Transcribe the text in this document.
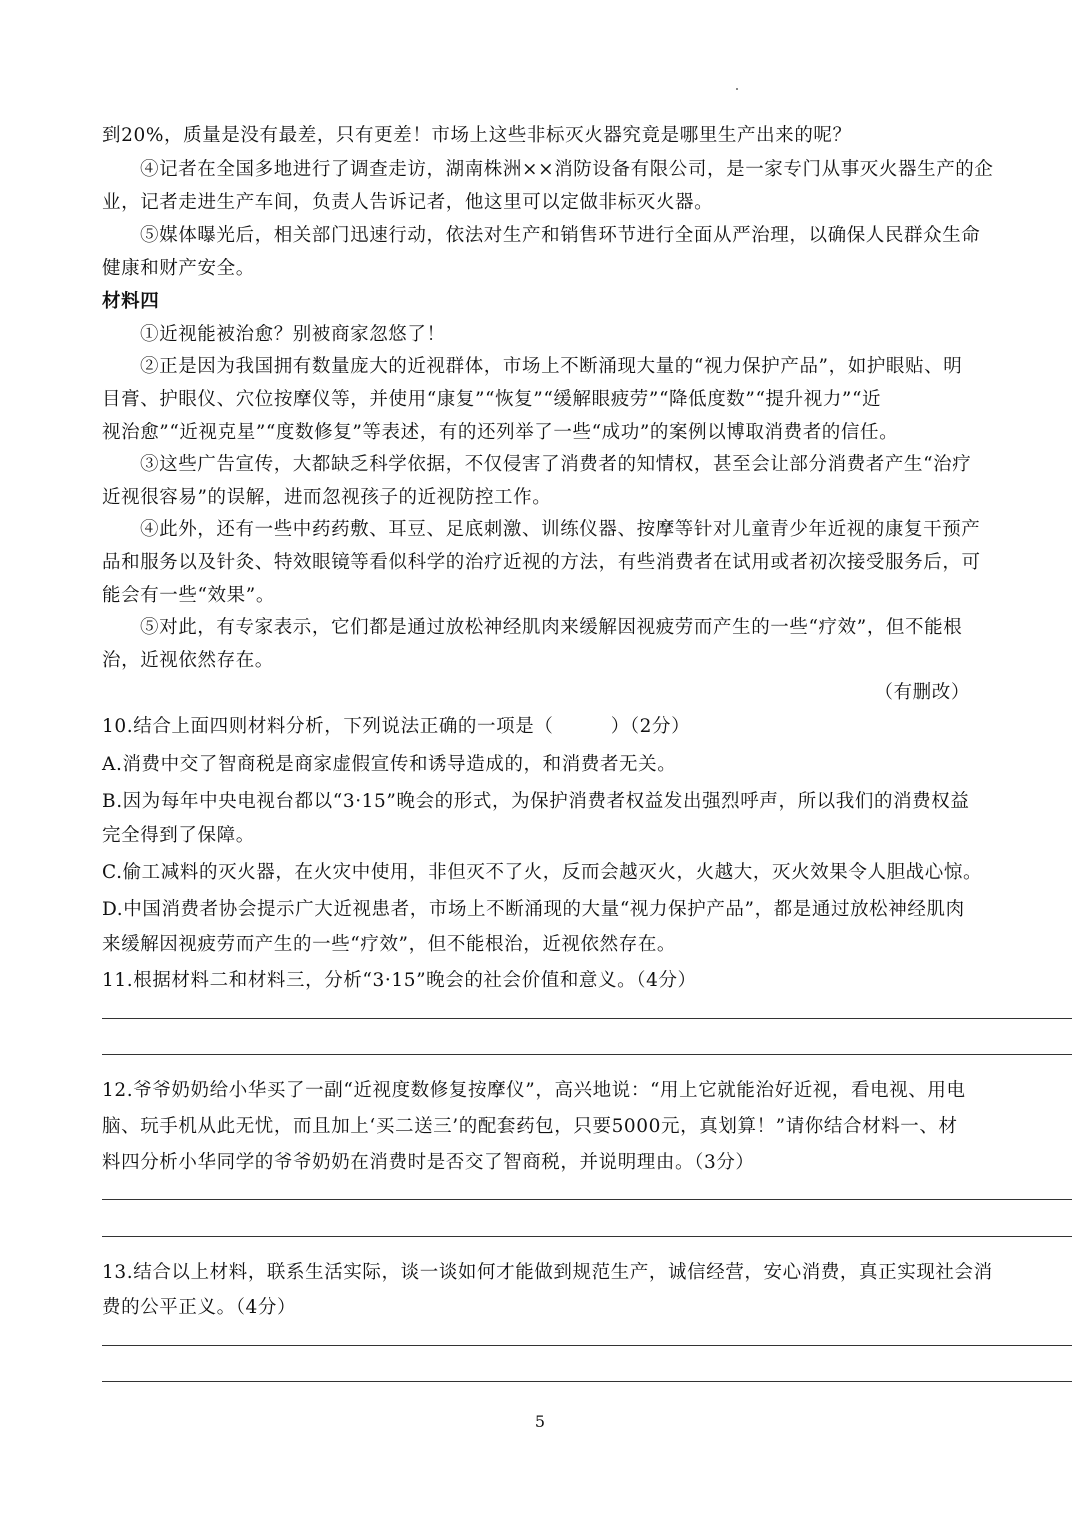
到20%，质量是没有最差，只有更差！市场上这些非标灭火器究竟是哪里生产出来的呢？
④记者在全国多地进行了调查走访，湖南株洲××消防设备有限公司，是一家专门从事灭火器生产的企
业，记者走进生产车间，负责人告诉记者，他这里可以定做非标灭火器。
⑤媒体曝光后，相关部门迅速行动，依法对生产和销售环节进行全面从严治理，以确保人民群众生命
健康和财产安全。
材料四
①近视能被治愈？别被商家忽悠了！
②正是因为我国拥有数量庞大的近视群体，市场上不断涌现大量的“视力保护产品”，如护眼贴、明
目膏、护眼仪、穴位按摩仪等，并使用“康复”“恢复”“缓解眼疲劳”“降低度数”“提升视力”“近
视治愈”“近视克星”“度数修复”等表述，有的还列举了一些“成功”的案例以博取消费者的信任。
③这些广告宣传，大都缺乏科学依据，不仅侵害了消费者的知情权，甚至会让部分消费者产生“治疗
近视很容易”的误解，进而忽视孩子的近视防控工作。
④此外，还有一些中药药敷、耳豆、足底刺激、训练仪器、按摩等针对儿童青少年近视的康复干预产
品和服务以及针灸、特效眼镜等看似科学的治疗近视的方法，有些消费者在试用或者初次接受服务后，可
能会有一些“效果”。
⑤对此，有专家表示，它们都是通过放松神经肌肉来缓解因视疲劳而产生的一些“疗效”，但不能根
治，近视依然存在。
（有删改）
10.结合上面四则材料分析，下列说法正确的一项是（　　　）（2分）
A.消费中交了智商税是商家虚假宣传和诱导造成的，和消费者无关。
B.因为每年中央电视台都以“3·15”晚会的形式，为保护消费者权益发出强烈呼声，所以我们的消费权益
完全得到了保障。
C.偷工减料的灭火器，在火灾中使用，非但灭不了火，反而会越灭火，火越大，灭火效果令人胆战心惊。
D.中国消费者协会提示广大近视患者，市场上不断涌现的大量“视力保护产品”，都是通过放松神经肌肉
来缓解因视疲劳而产生的一些“疗效”，但不能根治，近视依然存在。
11.根据材料二和材料三，分析“3·15”晚会的社会价值和意义。（4分）
12.爷爷奶奶给小华买了一副“近视度数修复按摩仪”，高兴地说：“用上它就能治好近视，看电视、用电
脑、玩手机从此无忧，而且加上‘买二送三’的配套药包，只要5000元，真划算！”请你结合材料一、材
料四分析小华同学的爷爷奶奶在消费时是否交了智商税，并说明理由。（3分）
13.结合以上材料，联系生活实际，谈一谈如何才能做到规范生产，诚信经营，安心消费，真正实现社会消
费的公平正义。（4分）
5
